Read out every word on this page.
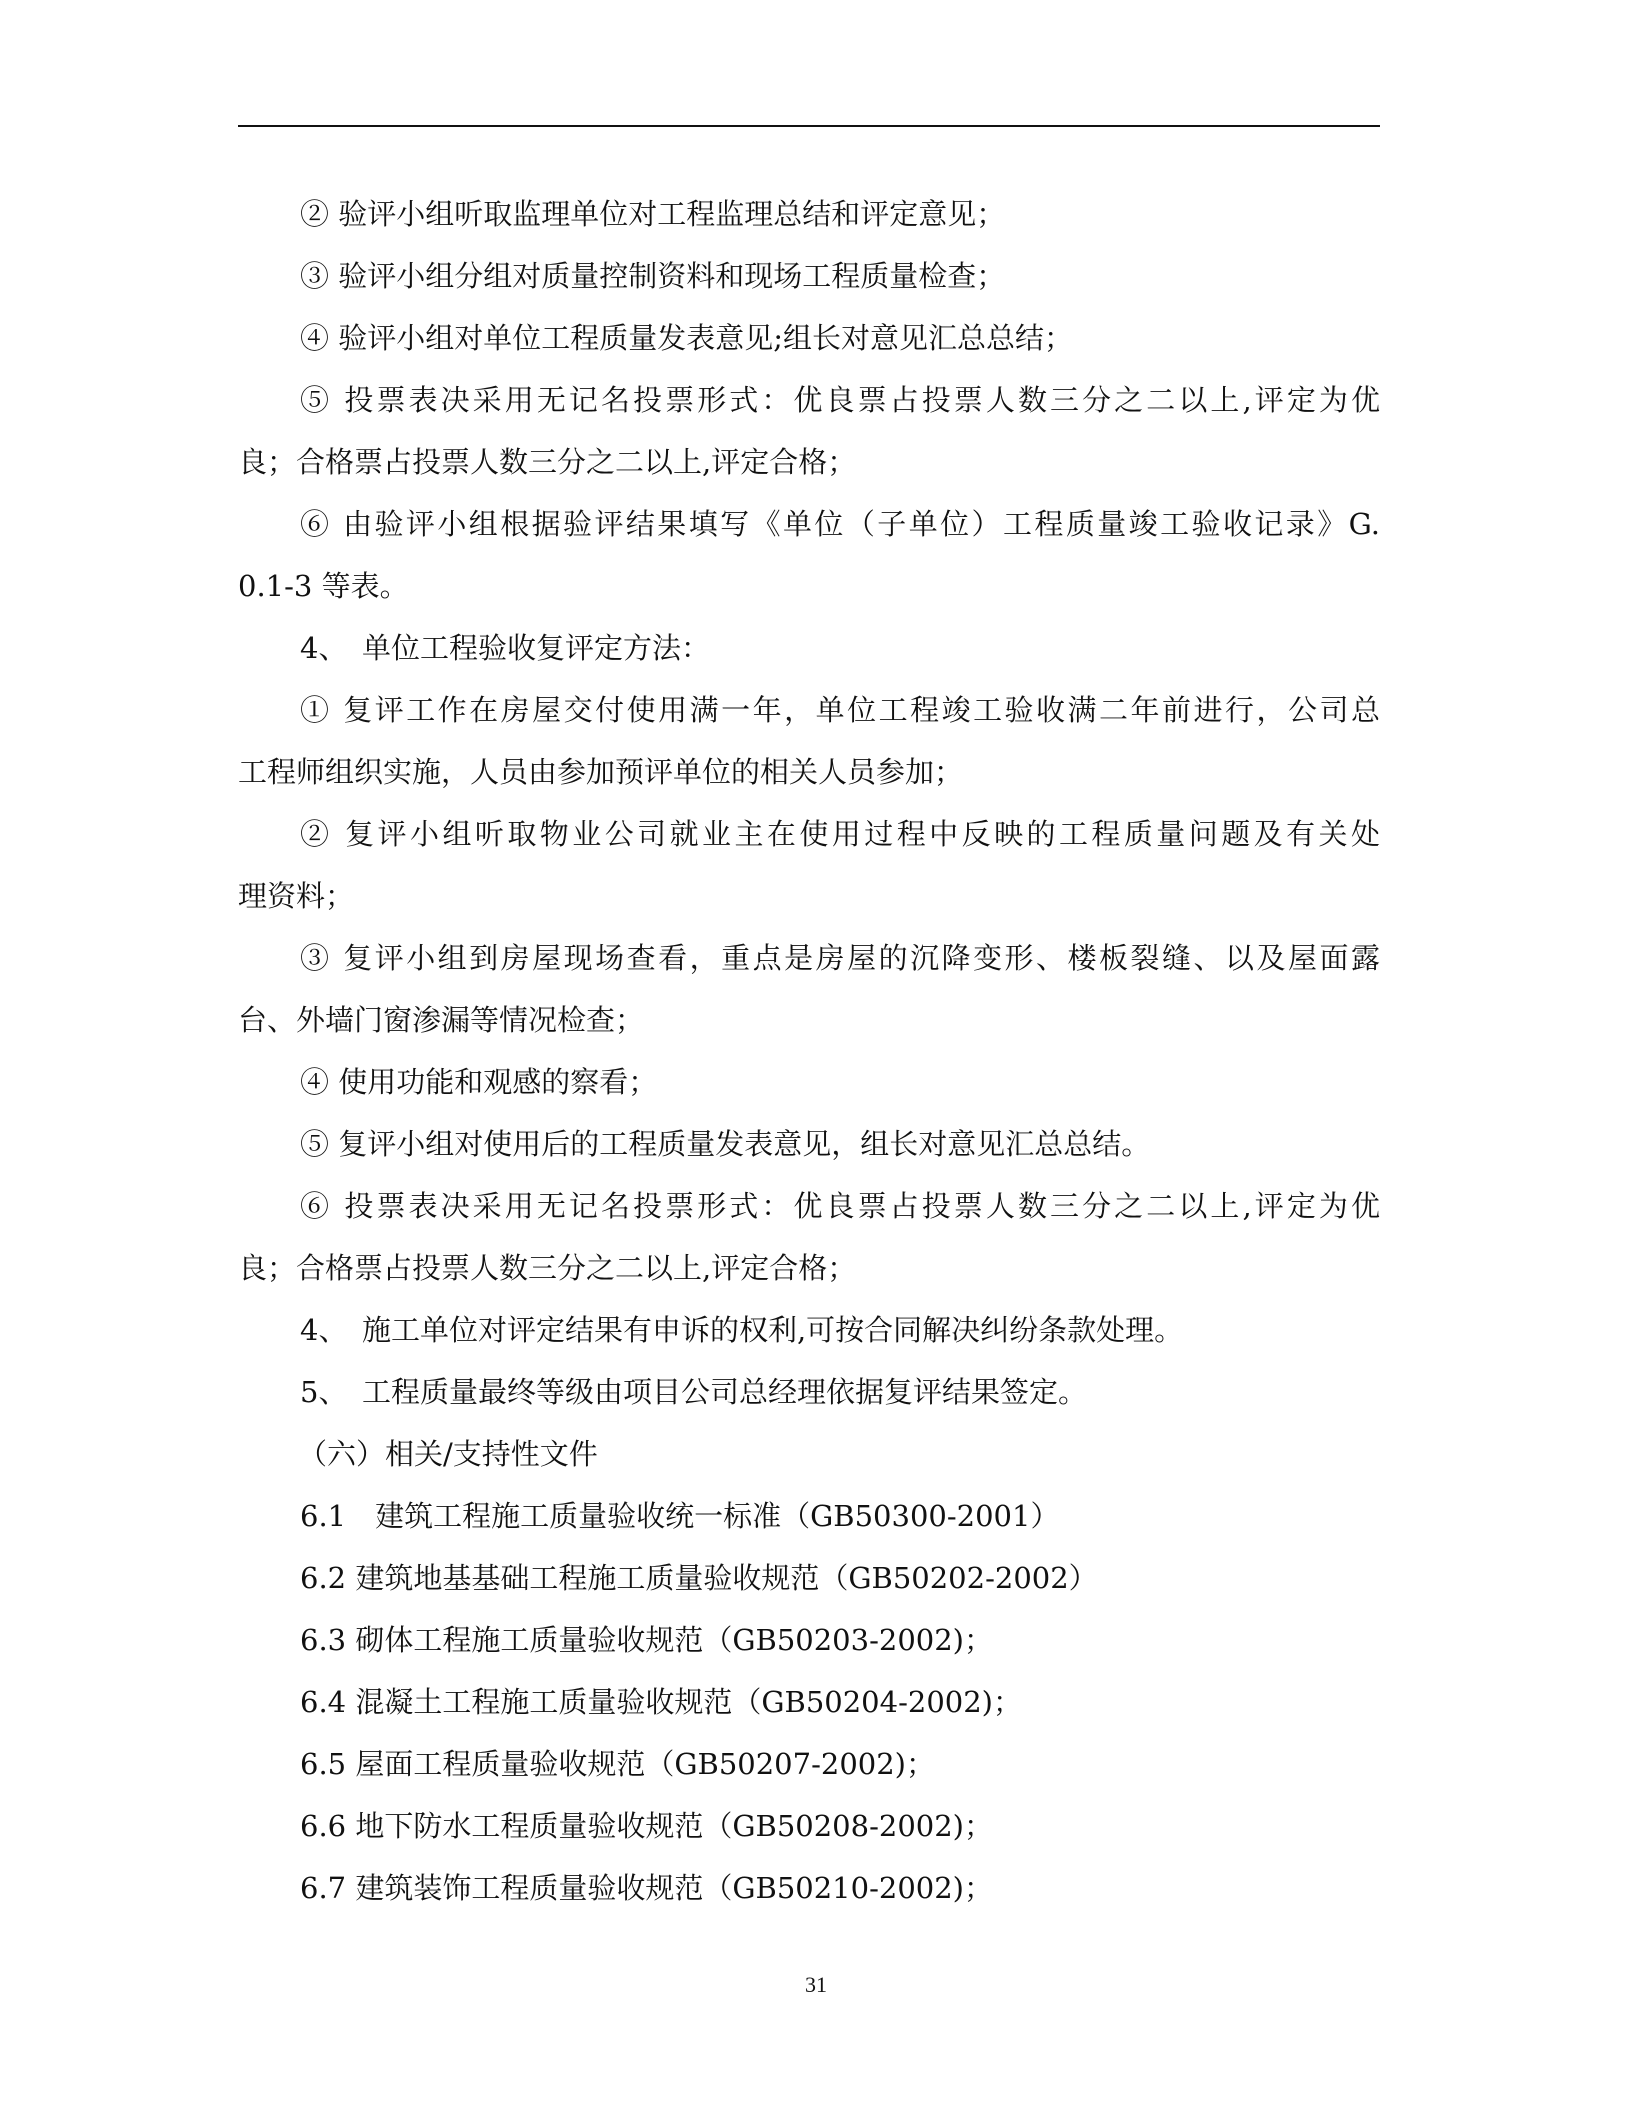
② 验评小组听取监理单位对工程监理总结和评定意见；
③ 验评小组分组对质量控制资料和现场工程质量检查；
④ 验评小组对单位工程质量发表意见;组长对意见汇总总结；
⑤ 投票表决采用无记名投票形式：优良票占投票人数三分之二以上,评定为优
良；合格票占投票人数三分之二以上,评定合格；
⑥ 由验评小组根据验评结果填写《单位（子单位）工程质量竣工验收记录》G.
0.1-3 等表。
4、　单位工程验收复评定方法：
① 复评工作在房屋交付使用满一年，单位工程竣工验收满二年前进行，公司总
工程师组织实施，人员由参加预评单位的相关人员参加；
② 复评小组听取物业公司就业主在使用过程中反映的工程质量问题及有关处
理资料；
③ 复评小组到房屋现场查看，重点是房屋的沉降变形、楼板裂缝、以及屋面露
台、外墙门窗渗漏等情况检查；
④ 使用功能和观感的察看；
⑤ 复评小组对使用后的工程质量发表意见，组长对意见汇总总结。
⑥ 投票表决采用无记名投票形式：优良票占投票人数三分之二以上,评定为优
良；合格票占投票人数三分之二以上,评定合格；
4、　施工单位对评定结果有申诉的权利,可按合同解决纠纷条款处理。
5、　工程质量最终等级由项目公司总经理依据复评结果签定。
（六）相关/支持性文件
6.1　建筑工程施工质量验收统一标准（GB50300-2001）
6.2 建筑地基基础工程施工质量验收规范（GB50202-2002）
6.3 砌体工程施工质量验收规范（GB50203-2002)；
6.4 混凝土工程施工质量验收规范（GB50204-2002)；
6.5 屋面工程质量验收规范（GB50207-2002)；
6.6 地下防水工程质量验收规范（GB50208-2002)；
6.7 建筑装饰工程质量验收规范（GB50210-2002)；
31
